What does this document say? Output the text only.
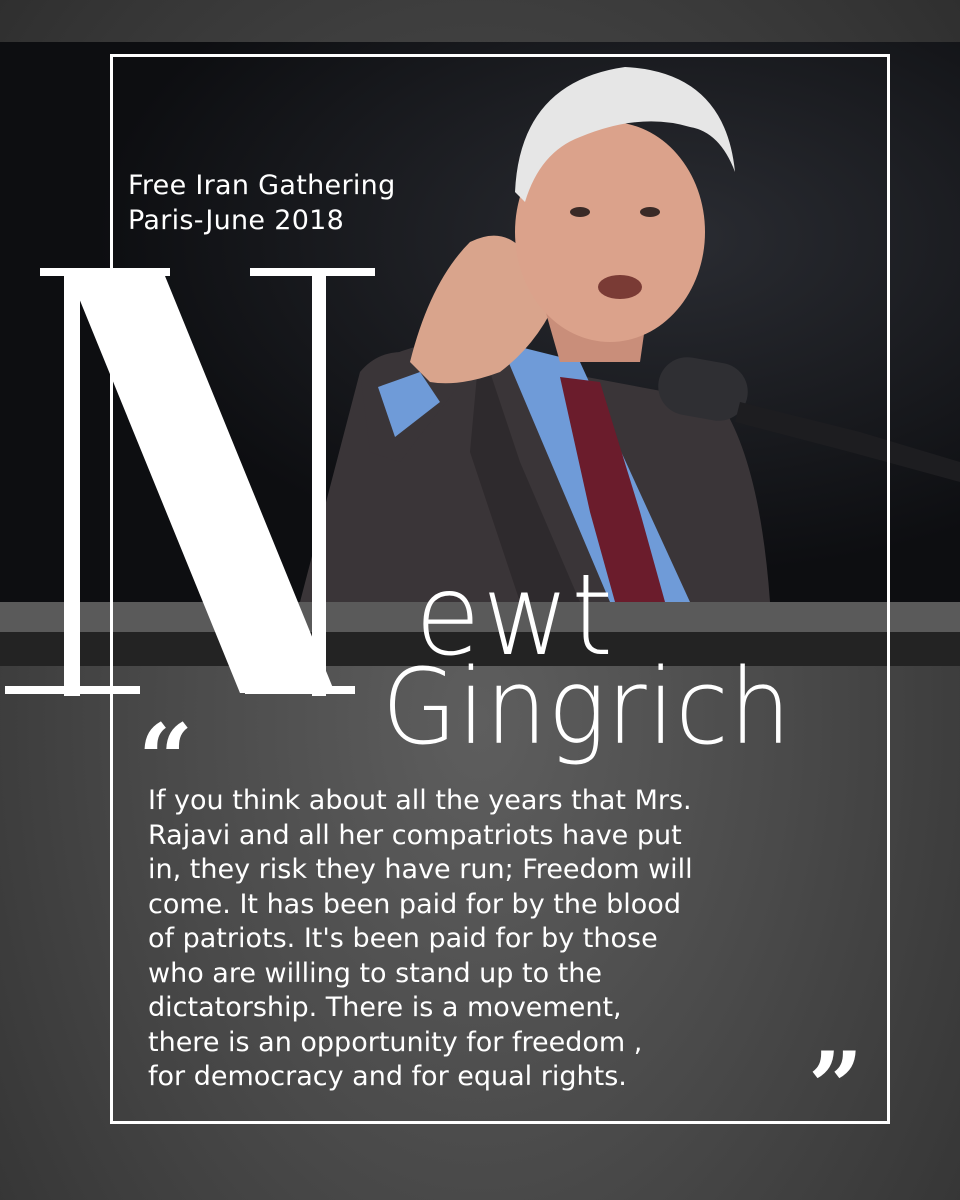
Free Iran Gathering
Paris-June 2018
ewt
Gingrich
“
If you think about all the years that Mrs.
Rajavi and all her compatriots have put
in, they risk they have run; Freedom will
come. It has been paid for by the blood
of patriots. It's been paid for by those
who are willing to stand up to the
dictatorship. There is a movement,
there is an opportunity for freedom ,
for democracy and for equal rights.	”
